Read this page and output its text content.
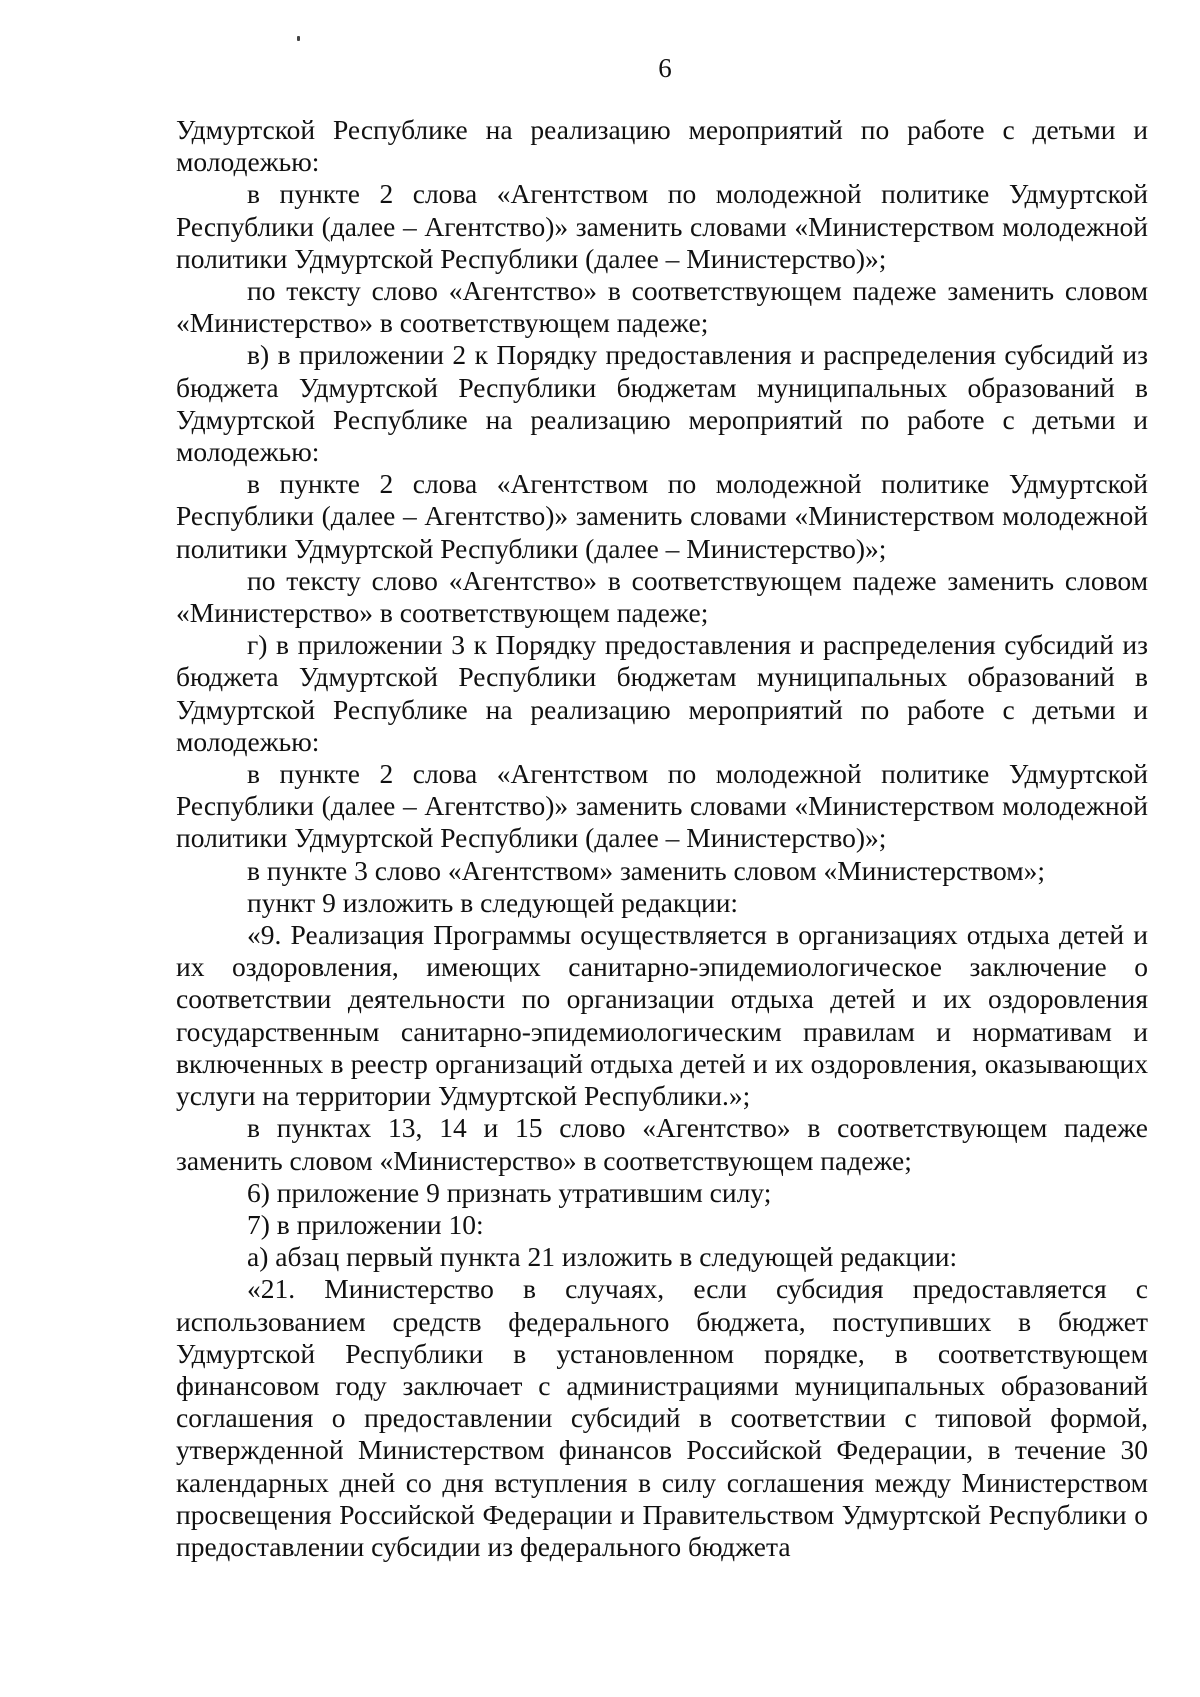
6

Удмуртской Республике на реализацию мероприятий по работе с детьми и молодежью:

в пункте 2 слова «Агентством по молодежной политике Удмуртской Республики (далее – Агентство)» заменить словами «Министерством молодежной политики Удмуртской Республики (далее – Министерство)»;

по тексту слово «Агентство» в соответствующем падеже заменить словом «Министерство» в соответствующем падеже;

в) в приложении 2 к Порядку предоставления и распределения субсидий из бюджета Удмуртской Республики бюджетам муниципальных образований в Удмуртской Республике на реализацию мероприятий по работе с детьми и молодежью:

в пункте 2 слова «Агентством по молодежной политике Удмуртской Республики (далее – Агентство)» заменить словами «Министерством молодежной политики Удмуртской Республики (далее – Министерство)»;

по тексту слово «Агентство» в соответствующем падеже заменить словом «Министерство» в соответствующем падеже;

г) в приложении 3 к Порядку предоставления и распределения субсидий из бюджета Удмуртской Республики бюджетам муниципальных образований в Удмуртской Республике на реализацию мероприятий по работе с детьми и молодежью:

в пункте 2 слова «Агентством по молодежной политике Удмуртской Республики (далее – Агентство)» заменить словами «Министерством молодежной политики Удмуртской Республики (далее – Министерство)»;

в пункте 3 слово «Агентством» заменить словом «Министерством»;

пункт 9 изложить в следующей редакции:

«9. Реализация Программы осуществляется в организациях отдыха детей и их оздоровления, имеющих санитарно-эпидемиологическое заключение о соответствии деятельности по организации отдыха детей и их оздоровления государственным санитарно-эпидемиологическим правилам и нормативам и включенных в реестр организаций отдыха детей и их оздоровления, оказывающих услуги на территории Удмуртской Республики.»;

в пунктах 13, 14 и 15 слово «Агентство» в соответствующем падеже заменить словом «Министерство» в соответствующем падеже;

6) приложение 9 признать утратившим силу;

7) в приложении 10:

а) абзац первый пункта 21 изложить в следующей редакции:

«21. Министерство в случаях, если субсидия предоставляется с использованием средств федерального бюджета, поступивших в бюджет Удмуртской Республики в установленном порядке, в соответствующем финансовом году заключает с администрациями муниципальных образований соглашения о предоставлении субсидий в соответствии с типовой формой, утвержденной Министерством финансов Российской Федерации, в течение 30 календарных дней со дня вступления в силу соглашения между Министерством просвещения Российской Федерации и Правительством Удмуртской Республики о предоставлении субсидии из федерального бюджета
